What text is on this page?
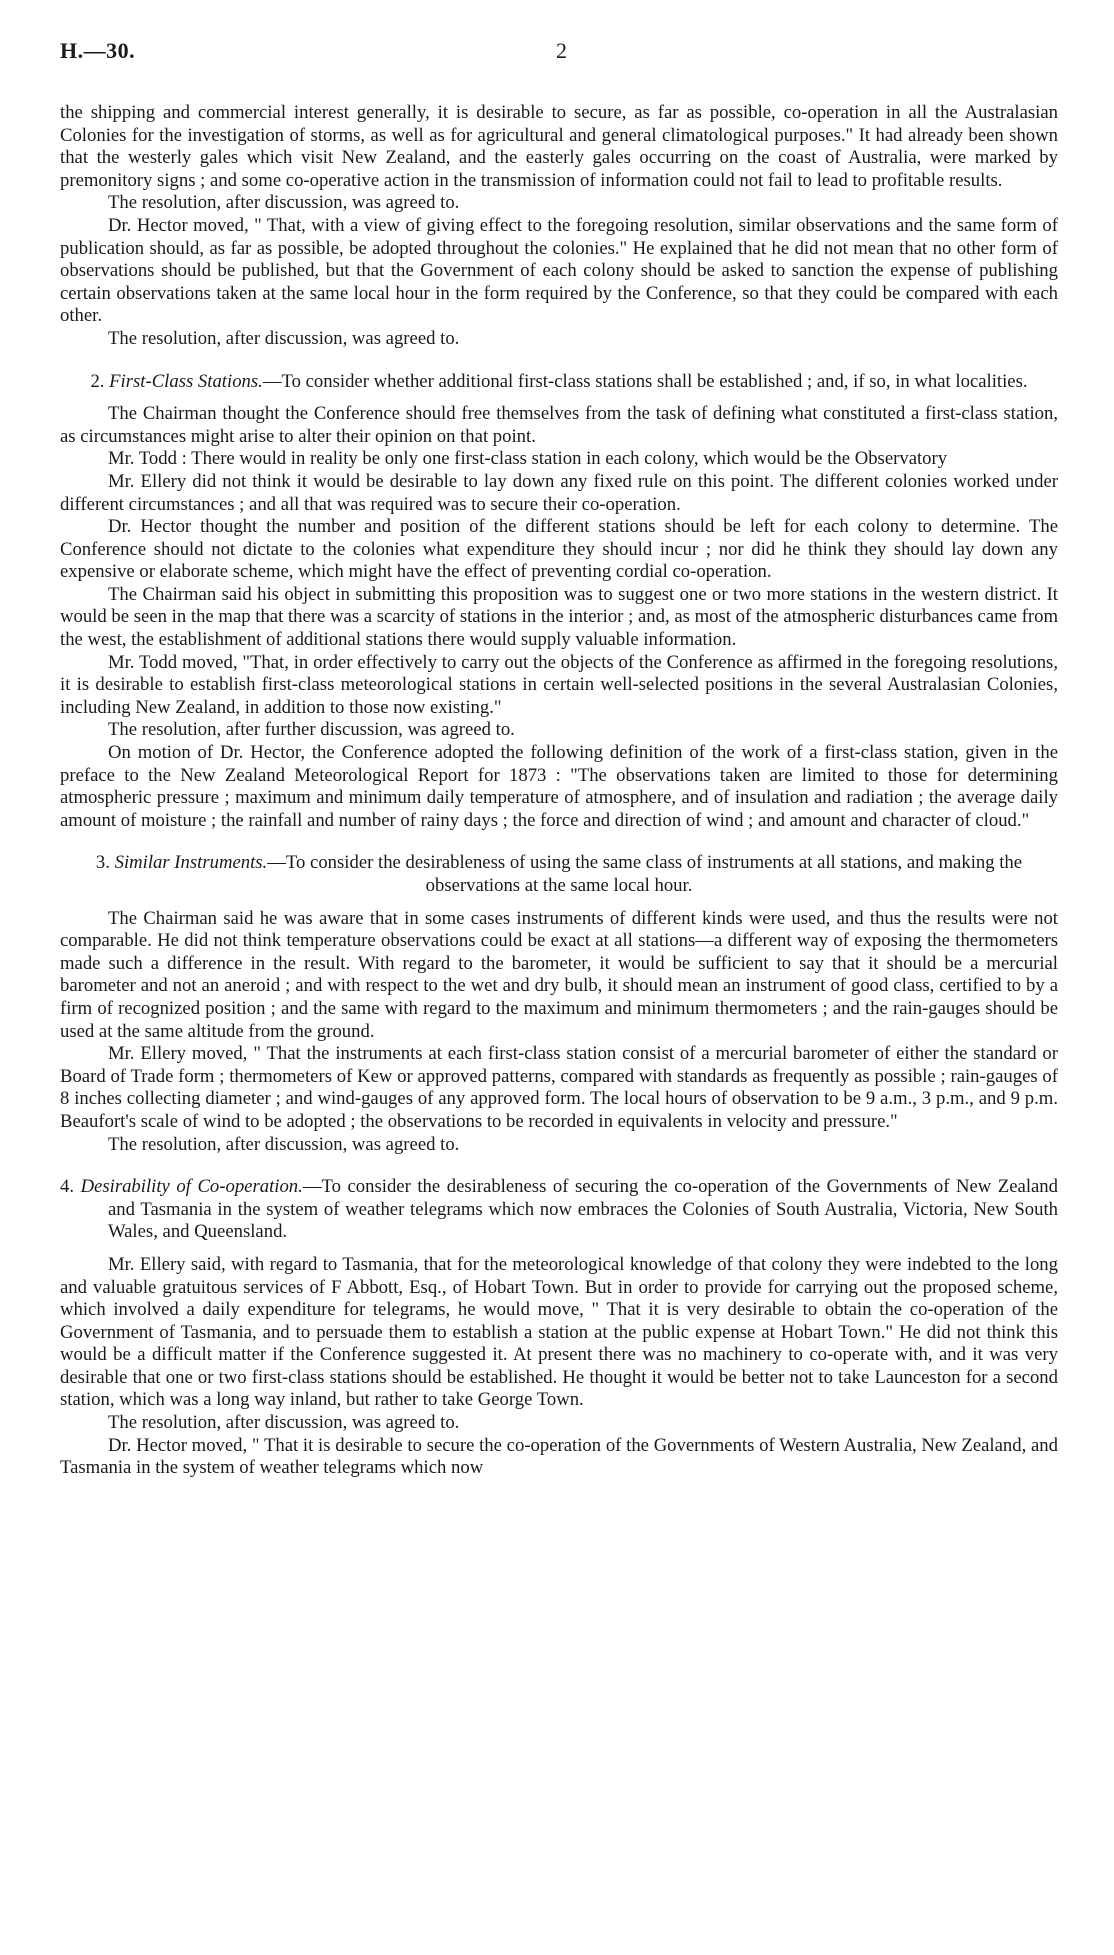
H.—30.	2

the shipping and commercial interest generally, it is desirable to secure, as far as possible, co-operation in all the Australasian Colonies for the investigation of storms, as well as for agricultural and general climatological purposes." It had already been shown that the westerly gales which visit New Zealand, and the easterly gales occurring on the coast of Australia, were marked by premonitory signs ; and some co-operative action in the transmission of information could not fail to lead to profitable results.

The resolution, after discussion, was agreed to.

Dr. Hector moved, " That, with a view of giving effect to the foregoing resolution, similar observations and the same form of publication should, as far as possible, be adopted throughout the colonies." He explained that he did not mean that no other form of observations should be published, but that the Government of each colony should be asked to sanction the expense of publishing certain observations taken at the same local hour in the form required by the Conference, so that they could be compared with each other.

The resolution, after discussion, was agreed to.

2. First-Class Stations.—To consider whether additional first-class stations shall be established ; and, if so, in what localities.

The Chairman thought the Conference should free themselves from the task of defining what constituted a first-class station, as circumstances might arise to alter their opinion on that point.

Mr. Todd : There would in reality be only one first-class station in each colony, which would be the Observatory

Mr. Ellery did not think it would be desirable to lay down any fixed rule on this point. The different colonies worked under different circumstances ; and all that was required was to secure their co-operation.

Dr. Hector thought the number and position of the different stations should be left for each colony to determine. The Conference should not dictate to the colonies what expenditure they should incur ; nor did he think they should lay down any expensive or elaborate scheme, which might have the effect of preventing cordial co-operation.

The Chairman said his object in submitting this proposition was to suggest one or two more stations in the western district. It would be seen in the map that there was a scarcity of stations in the interior ; and, as most of the atmospheric disturbances came from the west, the establishment of additional stations there would supply valuable information.

Mr. Todd moved, "That, in order effectively to carry out the objects of the Conference as affirmed in the foregoing resolutions, it is desirable to establish first-class meteorological stations in certain well-selected positions in the several Australasian Colonies, including New Zealand, in addition to those now existing."

The resolution, after further discussion, was agreed to.

On motion of Dr. Hector, the Conference adopted the following definition of the work of a first-class station, given in the preface to the New Zealand Meteorological Report for 1873 : "The observations taken are limited to those for determining atmospheric pressure ; maximum and minimum daily temperature of atmosphere, and of insulation and radiation ; the average daily amount of moisture ; the rainfall and number of rainy days ; the force and direction of wind ; and amount and character of cloud."

3. Similar Instruments.—To consider the desirableness of using the same class of instruments at all stations, and making the observations at the same local hour.

The Chairman said he was aware that in some cases instruments of different kinds were used, and thus the results were not comparable. He did not think temperature observations could be exact at all stations—a different way of exposing the thermometers made such a difference in the result. With regard to the barometer, it would be sufficient to say that it should be a mercurial barometer and not an aneroid ; and with respect to the wet and dry bulb, it should mean an instrument of good class, certified to by a firm of recognized position ; and the same with regard to the maximum and minimum thermometers ; and the rain-gauges should be used at the same altitude from the ground.

Mr. Ellery moved, " That the instruments at each first-class station consist of a mercurial barometer of either the standard or Board of Trade form ; thermometers of Kew or approved patterns, compared with standards as frequently as possible ; rain-gauges of 8 inches collecting diameter ; and wind-gauges of any approved form. The local hours of observation to be 9 a.m., 3 p.m., and 9 p.m. Beaufort's scale of wind to be adopted ; the observations to be recorded in equivalents in velocity and pressure."

The resolution, after discussion, was agreed to.

4. Desirability of Co-operation.—To consider the desirableness of securing the co-operation of the Governments of New Zealand and Tasmania in the system of weather telegrams which now embraces the Colonies of South Australia, Victoria, New South Wales, and Queensland.

Mr. Ellery said, with regard to Tasmania, that for the meteorological knowledge of that colony they were indebted to the long and valuable gratuitous services of F Abbott, Esq., of Hobart Town. But in order to provide for carrying out the proposed scheme, which involved a daily expenditure for telegrams, he would move, " That it is very desirable to obtain the co-operation of the Government of Tasmania, and to persuade them to establish a station at the public expense at Hobart Town." He did not think this would be a difficult matter if the Conference suggested it. At present there was no machinery to co-operate with, and it was very desirable that one or two first-class stations should be established. He thought it would be better not to take Launceston for a second station, which was a long way inland, but rather to take George Town.

The resolution, after discussion, was agreed to.

Dr. Hector moved, " That it is desirable to secure the co-operation of the Governments of Western Australia, New Zealand, and Tasmania in the system of weather telegrams which now
